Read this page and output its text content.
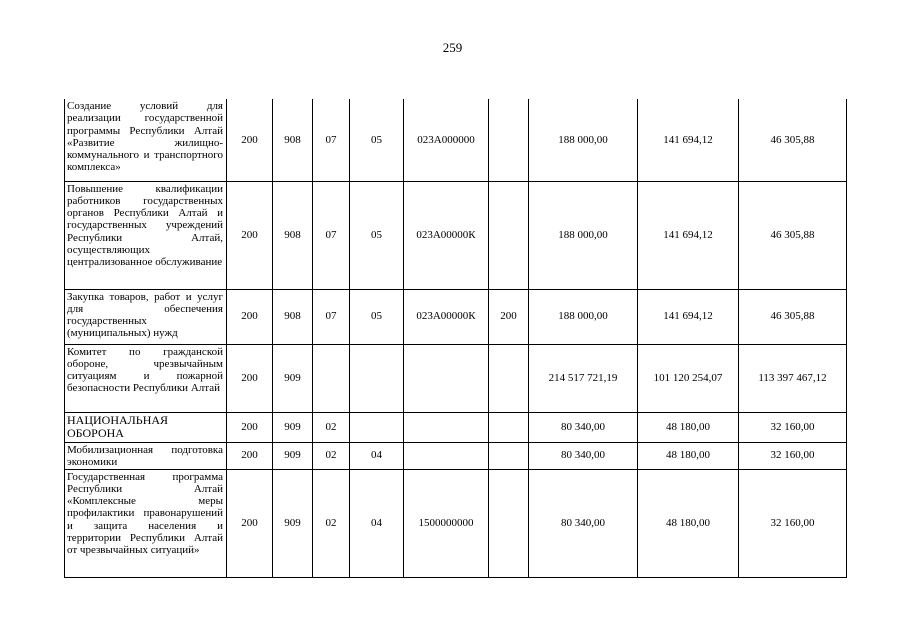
259
Создание условий для реализации государственной программы Республики Алтай «Развитие жилищно-коммунального и транспортного комплекса»	200	908	07	05	023А000000		188 000,00	141 694,12	46 305,88
Повышение квалификации работников государственных органов Республики Алтай и государственных учреждений Республики Алтай, осуществляющих централизованное обслуживание	200	908	07	05	023А00000К		188 000,00	141 694,12	46 305,88
Закупка товаров, работ и услуг для обеспечения государственных (муниципальных) нужд	200	908	07	05	023А00000К	200	188 000,00	141 694,12	46 305,88
Комитет по гражданской обороне, чрезвычайным ситуациям и пожарной безопасности Республики Алтай	200	909					214 517 721,19	101 120 254,07	113 397 467,12
НАЦИОНАЛЬНАЯ ОБОРОНА	200	909	02				80 340,00	48 180,00	32 160,00
Мобилизационная подготовка экономики	200	909	02	04			80 340,00	48 180,00	32 160,00
Государственная программа Республики Алтай «Комплексные меры профилактики правонарушений и защита населения и территории Республики Алтай от чрезвычайных ситуаций»	200	909	02	04	1500000000		80 340,00	48 180,00	32 160,00
